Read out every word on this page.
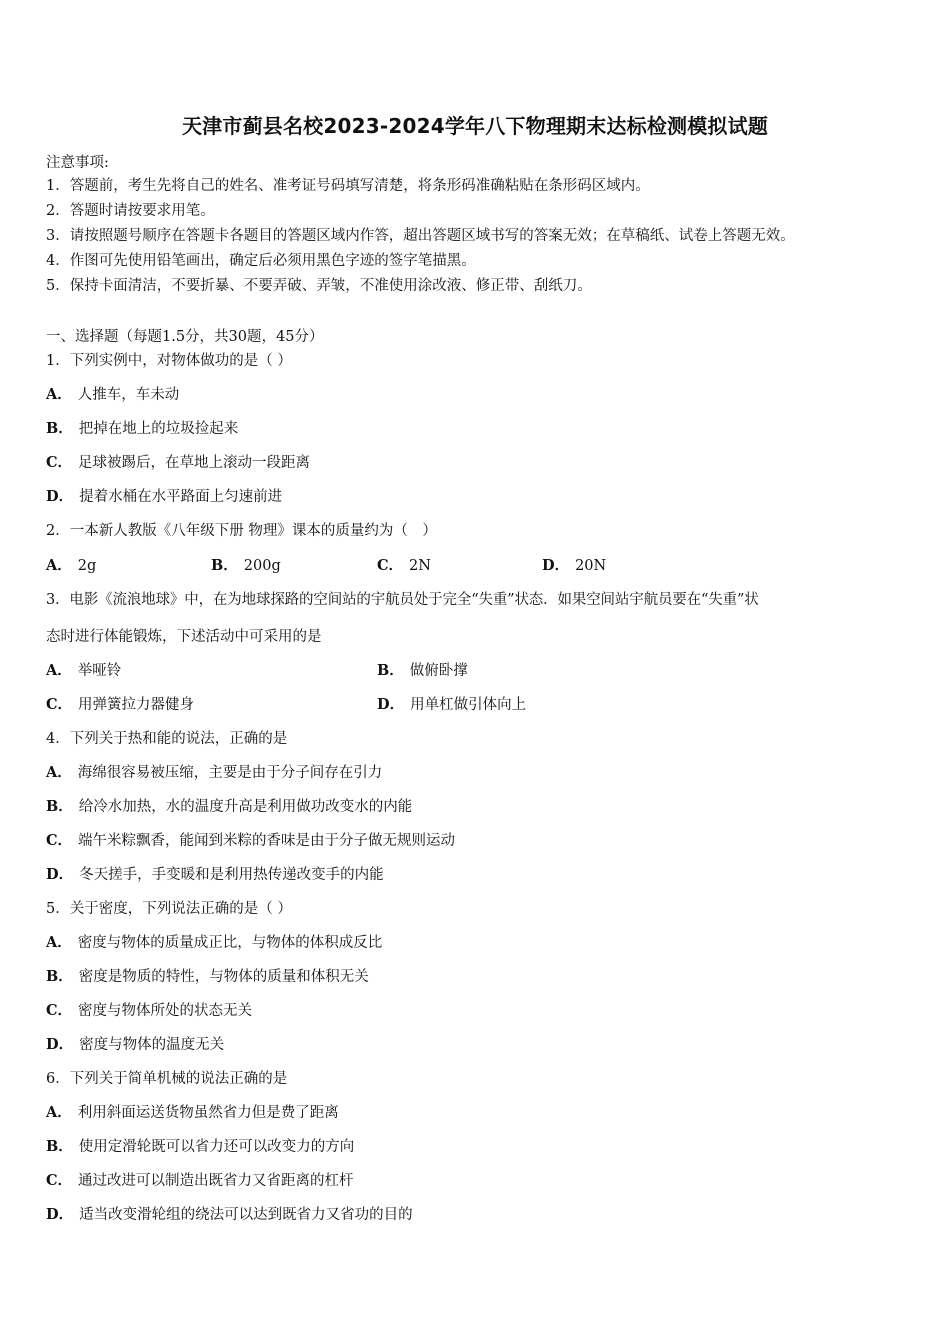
天津市蓟县名校2023-2024学年八下物理期末达标检测模拟试题
注意事项:
1．答题前，考生先将自己的姓名、准考证号码填写清楚，将条形码准确粘贴在条形码区域内。
2．答题时请按要求用笔。
3．请按照题号顺序在答题卡各题目的答题区域内作答，超出答题区域书写的答案无效；在草稿纸、试卷上答题无效。
4．作图可先使用铅笔画出，确定后必须用黑色字迹的签字笔描黑。
5．保持卡面清洁，不要折暴、不要弄破、弄皱，不准使用涂改液、修正带、刮纸刀。
一、选择题（每题1.5分，共30题，45分）
1．下列实例中，对物体做功的是（ ）
A． 人推车，车未动
B． 把掉在地上的垃圾捡起来
C． 足球被踢后，在草地上滚动一段距离
D． 提着水桶在水平路面上匀速前进
2．一本新人教版《八年级下册 物理》课本的质量约为（　）
A． 2g	B． 200g	C． 2N	D． 20N
3．电影《流浪地球》中，在为地球探路的空间站的宇航员处于完全“失重”状态．如果空间站宇航员要在“失重”状
态时进行体能锻炼，下述活动中可采用的是
A． 举哑铃	B． 做俯卧撑
C． 用弹簧拉力器健身	D． 用单杠做引体向上
4．下列关于热和能的说法，正确的是
A． 海绵很容易被压缩，主要是由于分子间存在引力
B． 给冷水加热，水的温度升高是利用做功改变水的内能
C． 端午米粽飘香，能闻到米粽的香味是由于分子做无规则运动
D． 冬天搓手，手变暖和是利用热传递改变手的内能
5．关于密度，下列说法正确的是（ ）
A． 密度与物体的质量成正比，与物体的体积成反比
B． 密度是物质的特性，与物体的质量和体积无关
C． 密度与物体所处的状态无关
D． 密度与物体的温度无关
6．下列关于简单机械的说法正确的是
A． 利用斜面运送货物虽然省力但是费了距离
B． 使用定滑轮既可以省力还可以改变力的方向
C． 通过改进可以制造出既省力又省距离的杠杆
D． 适当改变滑轮组的绕法可以达到既省力又省功的目的
